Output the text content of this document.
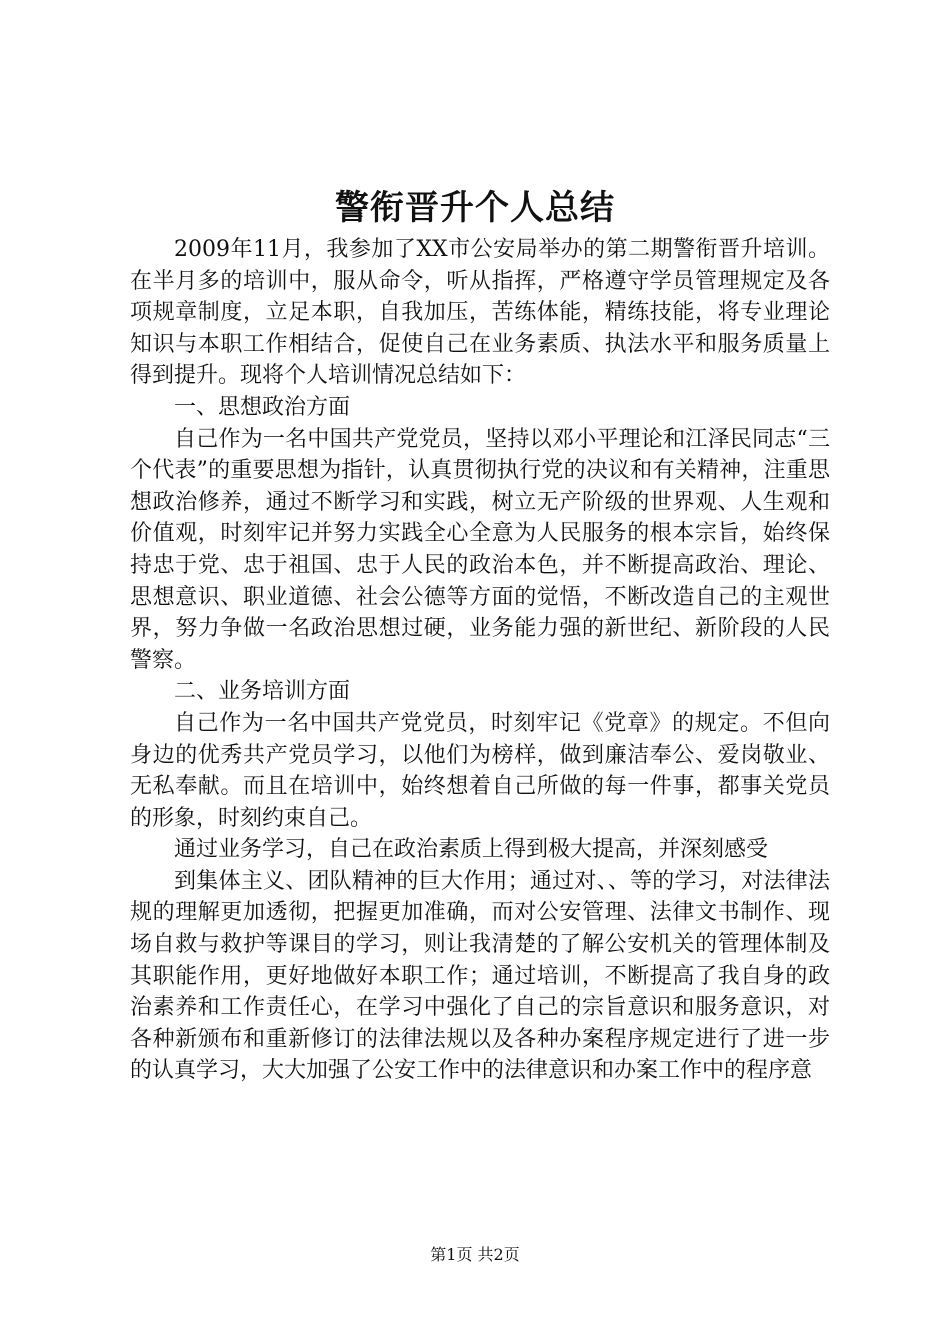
警衔晋升个人总结

2009年11月，我参加了XX市公安局举办的第二期警衔晋升培训。在半月多的培训中，服从命令，听从指挥，严格遵守学员管理规定及各项规章制度，立足本职，自我加压，苦练体能，精练技能，将专业理论知识与本职工作相结合，促使自己在业务素质、执法水平和服务质量上得到提升。现将个人培训情况总结如下：

一、思想政治方面

自己作为一名中国共产党党员，坚持以邓小平理论和江泽民同志“三个代表”的重要思想为指针，认真贯彻执行党的决议和有关精神，注重思想政治修养，通过不断学习和实践，树立无产阶级的世界观、人生观和价值观，时刻牢记并努力实践全心全意为人民服务的根本宗旨，始终保持忠于党、忠于祖国、忠于人民的政治本色，并不断提高政治、理论、思想意识、职业道德、社会公德等方面的觉悟，不断改造自己的主观世界，努力争做一名政治思想过硬，业务能力强的新世纪、新阶段的人民警察。

二、业务培训方面

自己作为一名中国共产党党员，时刻牢记《党章》的规定。不但向身边的优秀共产党员学习，以他们为榜样，做到廉洁奉公、爱岗敬业、无私奉献。而且在培训中，始终想着自己所做的每一件事，都事关党员的形象，时刻约束自己。

通过业务学习，自己在政治素质上得到极大提高，并深刻感受

到集体主义、团队精神的巨大作用；通过对、、等的学习，对法律法规的理解更加透彻，把握更加准确，而对公安管理、法律文书制作、现场自救与救护等课目的学习，则让我清楚的了解公安机关的管理体制及其职能作用，更好地做好本职工作；通过培训，不断提高了我自身的政治素养和工作责任心，在学习中强化了自己的宗旨意识和服务意识，对各种新颁布和重新修订的法律法规以及各种办案程序规定进行了进一步的认真学习，大大加强了公安工作中的法律意识和办案工作中的程序意

第1页 共2页
